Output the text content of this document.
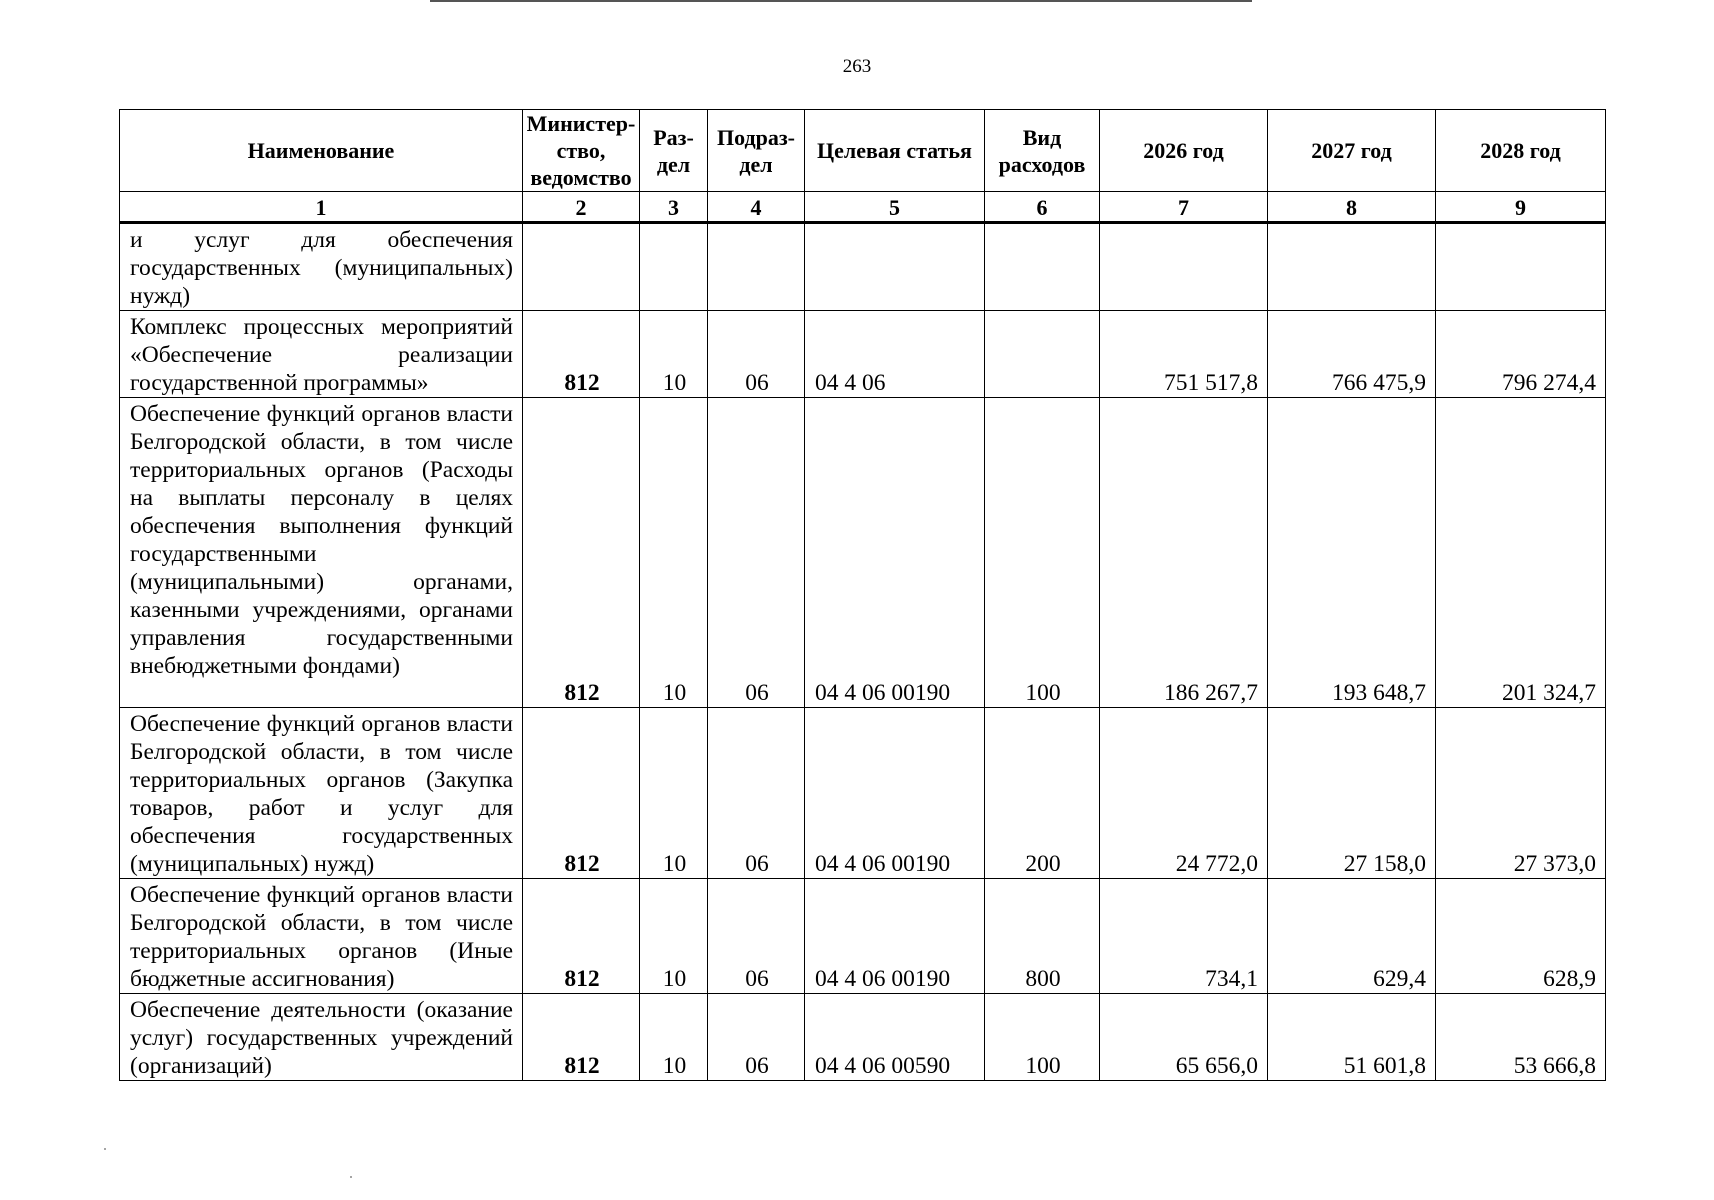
263
Наименование	Министер-ство, ведомство	Раз-дел	Подраз-дел	Целевая статья	Вид расходов	2026 год	2027 год	2028 год
1	2	3	4	5	6	7	8	9
и услуг для обеспечения государственных (муниципальных) нужд)								
Комплекс процессных мероприятий «Обеспечение реализации государственной программы»	812	10	06	04 4 06		751 517,8	766 475,9	796 274,4
Обеспечение функций органов власти Белгородской области, в том числе территориальных органов (Расходы на выплаты персоналу в целях обеспечения выполнения функций государственными (муниципальными) органами, казенными учреждениями, органами управления государственными внебюджетными фондами)	812	10	06	04 4 06 00190	100	186 267,7	193 648,7	201 324,7
Обеспечение функций органов власти Белгородской области, в том числе территориальных органов (Закупка товаров, работ и услуг для обеспечения государственных (муниципальных) нужд)	812	10	06	04 4 06 00190	200	24 772,0	27 158,0	27 373,0
Обеспечение функций органов власти Белгородской области, в том числе территориальных органов (Иные бюджетные ассигнования)	812	10	06	04 4 06 00190	800	734,1	629,4	628,9
Обеспечение деятельности (оказание услуг) государственных учреждений (организаций)	812	10	06	04 4 06 00590	100	65 656,0	51 601,8	53 666,8
